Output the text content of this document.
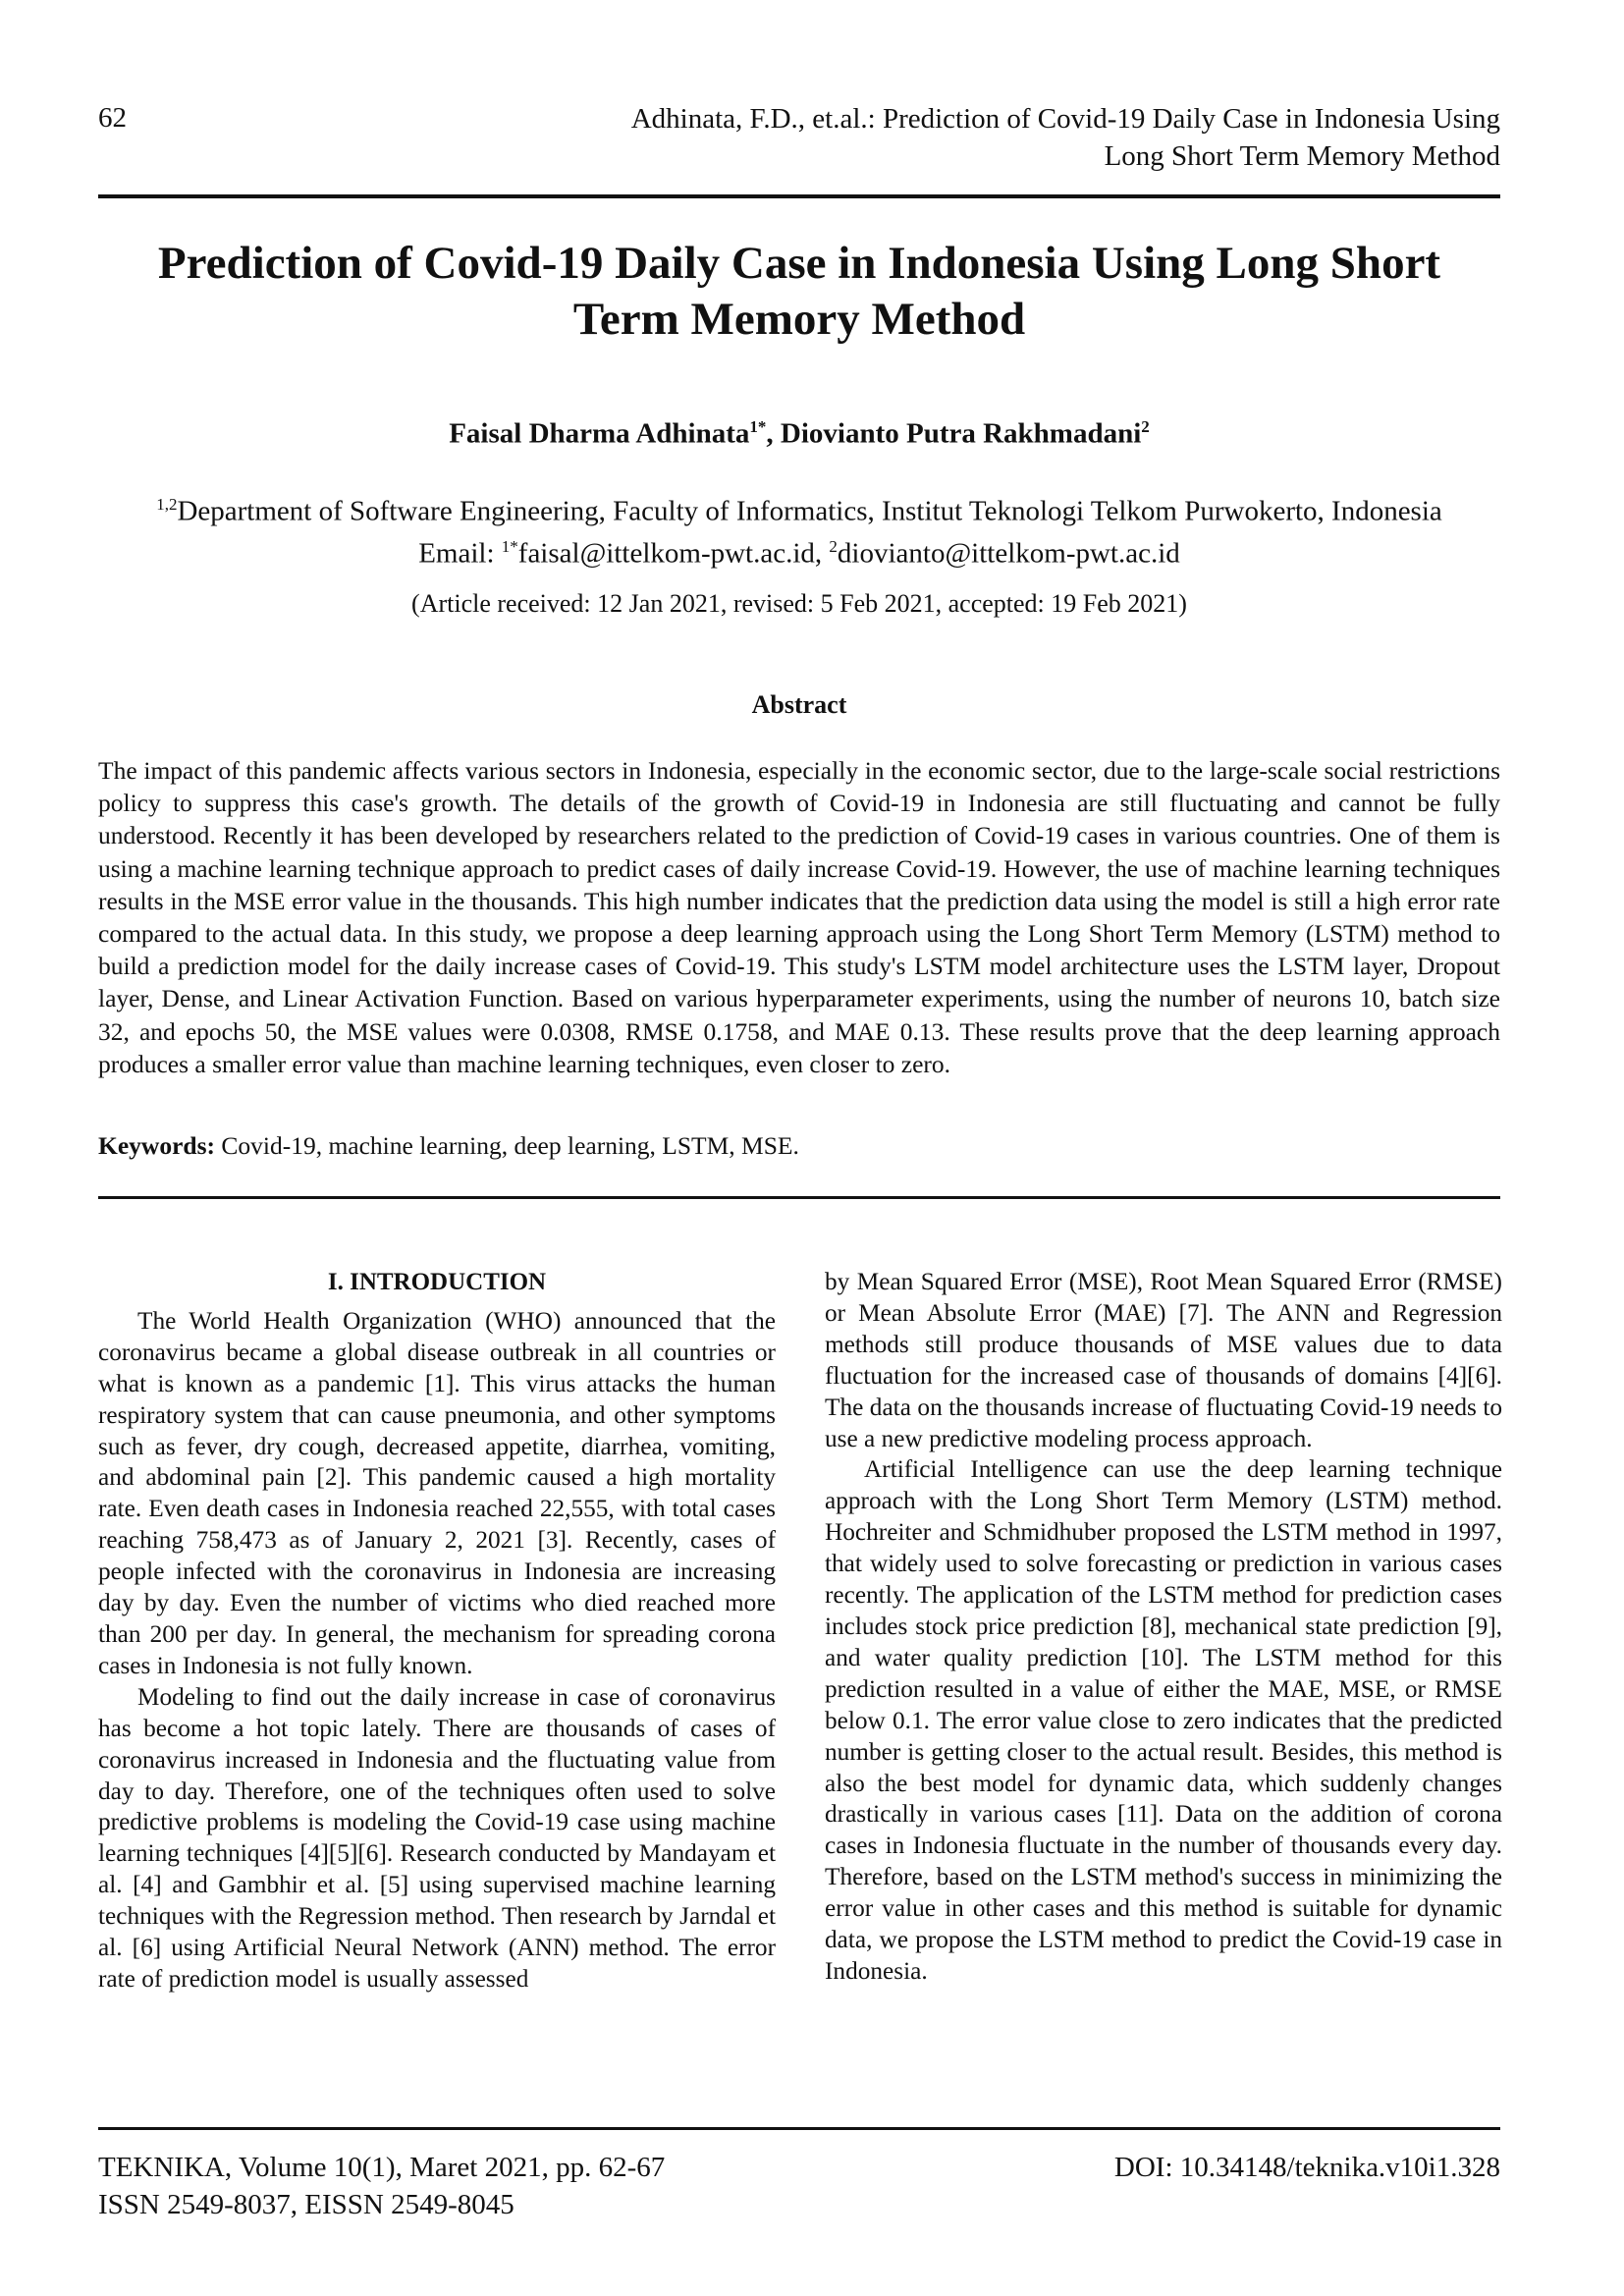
62	Adhinata, F.D., et.al.: Prediction of Covid-19 Daily Case in Indonesia Using
Long Short Term Memory Method
Prediction of Covid-19 Daily Case in Indonesia Using Long Short
Term Memory Method
Faisal Dharma Adhinata$^{1*}$, Diovianto Putra Rakhmadani$^2$
$^{1,2}$Department of Software Engineering, Faculty of Informatics, Institut Teknologi Telkom Purwokerto, Indonesia
Email: $^{1*}$faisal@ittelkom-pwt.ac.id, $^2$diovianto@ittelkom-pwt.ac.id
(Article received: 12 Jan 2021, revised: 5 Feb 2021, accepted: 19 Feb 2021)
Abstract
The impact of this pandemic affects various sectors in Indonesia, especially in the economic sector, due to the large-scale social restrictions policy to suppress this case's growth. The details of the growth of Covid-19 in Indonesia are still fluctuating and cannot be fully understood. Recently it has been developed by researchers related to the prediction of Covid-19 cases in various countries. One of them is using a machine learning technique approach to predict cases of daily increase Covid-19. However, the use of machine learning techniques results in the MSE error value in the thousands. This high number indicates that the prediction data using the model is still a high error rate compared to the actual data. In this study, we propose a deep learning approach using the Long Short Term Memory (LSTM) method to build a prediction model for the daily increase cases of Covid-19. This study's LSTM model architecture uses the LSTM layer, Dropout layer, Dense, and Linear Activation Function. Based on various hyperparameter experiments, using the number of neurons 10, batch size 32, and epochs 50, the MSE values were 0.0308, RMSE 0.1758, and MAE 0.13. These results prove that the deep learning approach produces a smaller error value than machine learning techniques, even closer to zero.
Keywords: Covid-19, machine learning, deep learning, LSTM, MSE.
I. INTRODUCTION

The World Health Organization (WHO) announced that the coronavirus became a global disease outbreak in all countries or what is known as a pandemic [1]. This virus attacks the human respiratory system that can cause pneumonia, and other symptoms such as fever, dry cough, decreased appetite, diarrhea, vomiting, and abdominal pain [2]. This pandemic caused a high mortality rate. Even death cases in Indonesia reached 22,555, with total cases reaching 758,473 as of January 2, 2021 [3]. Recently, cases of people infected with the coronavirus in Indonesia are increasing day by day. Even the number of victims who died reached more than 200 per day. In general, the mechanism for spreading corona cases in Indonesia is not fully known.

Modeling to find out the daily increase in case of coronavirus has become a hot topic lately. There are thousands of cases of coronavirus increased in Indonesia and the fluctuating value from day to day. Therefore, one of the techniques often used to solve predictive problems is modeling the Covid-19 case using machine learning techniques [4][5][6]. Research conducted by Mandayam et al. [4] and Gambhir et al. [5] using supervised machine learning techniques with the Regression method. Then research by Jarndal et al. [6] using Artificial Neural Network (ANN) method. The error rate of prediction model is usually assessed

by Mean Squared Error (MSE), Root Mean Squared Error (RMSE) or Mean Absolute Error (MAE) [7]. The ANN and Regression methods still produce thousands of MSE values due to data fluctuation for the increased case of thousands of domains [4][6]. The data on the thousands increase of fluctuating Covid-19 needs to use a new predictive modeling process approach.

Artificial Intelligence can use the deep learning technique approach with the Long Short Term Memory (LSTM) method. Hochreiter and Schmidhuber proposed the LSTM method in 1997, that widely used to solve forecasting or prediction in various cases recently. The application of the LSTM method for prediction cases includes stock price prediction [8], mechanical state prediction [9], and water quality prediction [10]. The LSTM method for this prediction resulted in a value of either the MAE, MSE, or RMSE below 0.1. The error value close to zero indicates that the predicted number is getting closer to the actual result. Besides, this method is also the best model for dynamic data, which suddenly changes drastically in various cases [11]. Data on the addition of corona cases in Indonesia fluctuate in the number of thousands every day. Therefore, based on the LSTM method's success in minimizing the error value in other cases and this method is suitable for dynamic data, we propose the LSTM method to predict the Covid-19 case in Indonesia.

TEKNIKA, Volume 10(1), Maret 2021, pp. 62-67
ISSN 2549-8037, EISSN 2549-8045
DOI: 10.34148/teknika.v10i1.328
